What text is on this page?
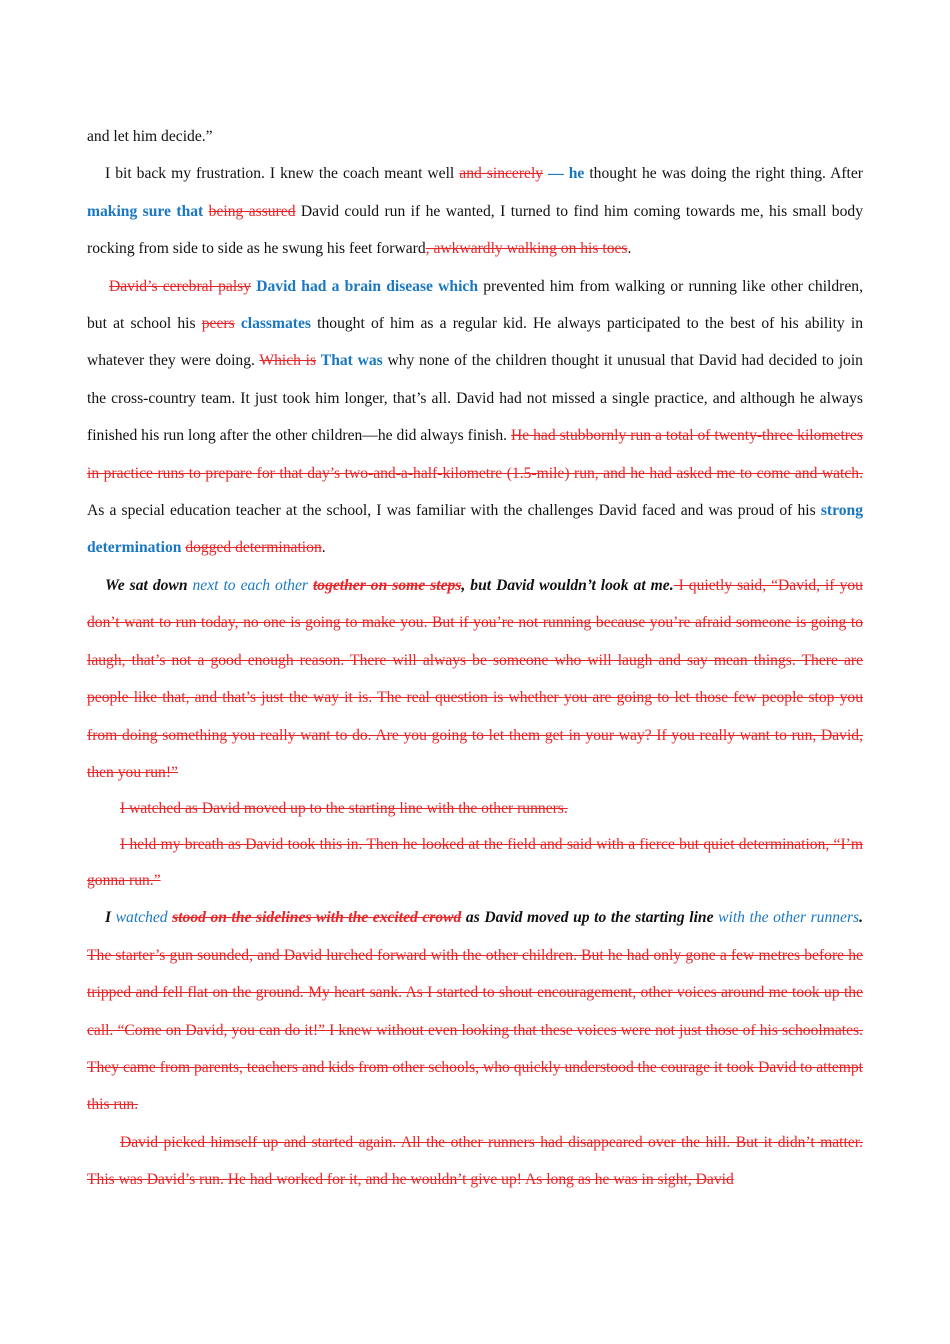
and let him decide.”

I bit back my frustration. I knew the coach meant well and sincerely — he thought he was doing the right thing. After making sure that being assured David could run if he wanted, I turned to find him coming towards me, his small body rocking from side to side as he swung his feet forward, awkwardly walking on his toes.

David’s cerebral palsy David had a brain disease which prevented him from walking or running like other children, but at school his peers classmates thought of him as a regular kid. He always participated to the best of his ability in whatever they were doing. Which is That was why none of the children thought it unusual that David had decided to join the cross-country team. It just took him longer, that’s all. David had not missed a single practice, and although he always finished his run long after the other children—he did always finish. He had stubbornly run a total of twenty-three kilometres in practice runs to prepare for that day’s two-and-a-half-kilometre (1.5-mile) run, and he had asked me to come and watch. As a special education teacher at the school, I was familiar with the challenges David faced and was proud of his strong determination dogged determination.

We sat down next to each other together on some steps, but David wouldn’t look at me. I quietly said, “David, if you don’t want to run today, no one is going to make you. But if you’re not running because you’re afraid someone is going to laugh, that’s not a good enough reason. There will always be someone who will laugh and say mean things. There are people like that, and that’s just the way it is. The real question is whether you are going to let those few people stop you from doing something you really want to do. Are you going to let them get in your way? If you really want to run, David, then you run!”

I watched as David moved up to the starting line with the other runners.

I held my breath as David took this in. Then he looked at the field and said with a fierce but quiet determination, “I’m gonna run.”

I watched stood on the sidelines with the excited crowd as David moved up to the starting line with the other runners. The starter’s gun sounded, and David lurched forward with the other children. But he had only gone a few metres before he tripped and fell flat on the ground. My heart sank. As I started to shout encouragement, other voices around me took up the call. “Come on David, you can do it!” I knew without even looking that these voices were not just those of his schoolmates. They came from parents, teachers and kids from other schools, who quickly understood the courage it took David to attempt this run.

David picked himself up and started again. All the other runners had disappeared over the hill. But it didn’t matter. This was David’s run. He had worked for it, and he wouldn’t give up! As long as he was in sight, David
